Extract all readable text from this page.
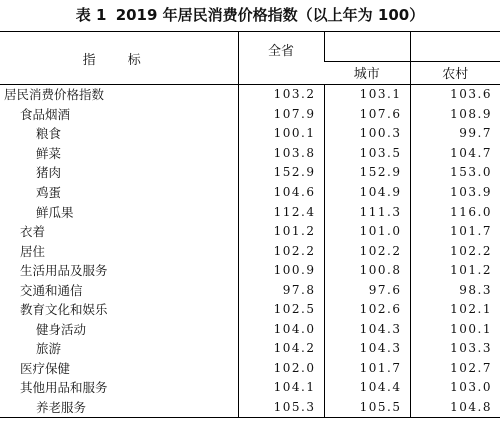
表 1 2019 年居民消费价格指数（以上年为 100）
指 标	全省		
		城市	农村
居民消费价格指数	103.2	103.1	103.6
食品烟酒	107.9	107.6	108.9
粮食	100.1	100.3	99.7
鲜菜	103.8	103.5	104.7
猪肉	152.9	152.9	153.0
鸡蛋	104.6	104.9	103.9
鲜瓜果	112.4	111.3	116.0
衣着	101.2	101.0	101.7
居住	102.2	102.2	102.2
生活用品及服务	100.9	100.8	101.2
交通和通信	97.8	97.6	98.3
教育文化和娱乐	102.5	102.6	102.1
健身活动	104.0	104.3	100.1
旅游	104.2	104.3	103.3
医疗保健	102.0	101.7	102.7
其他用品和服务	104.1	104.4	103.0
养老服务	105.3	105.5	104.8
